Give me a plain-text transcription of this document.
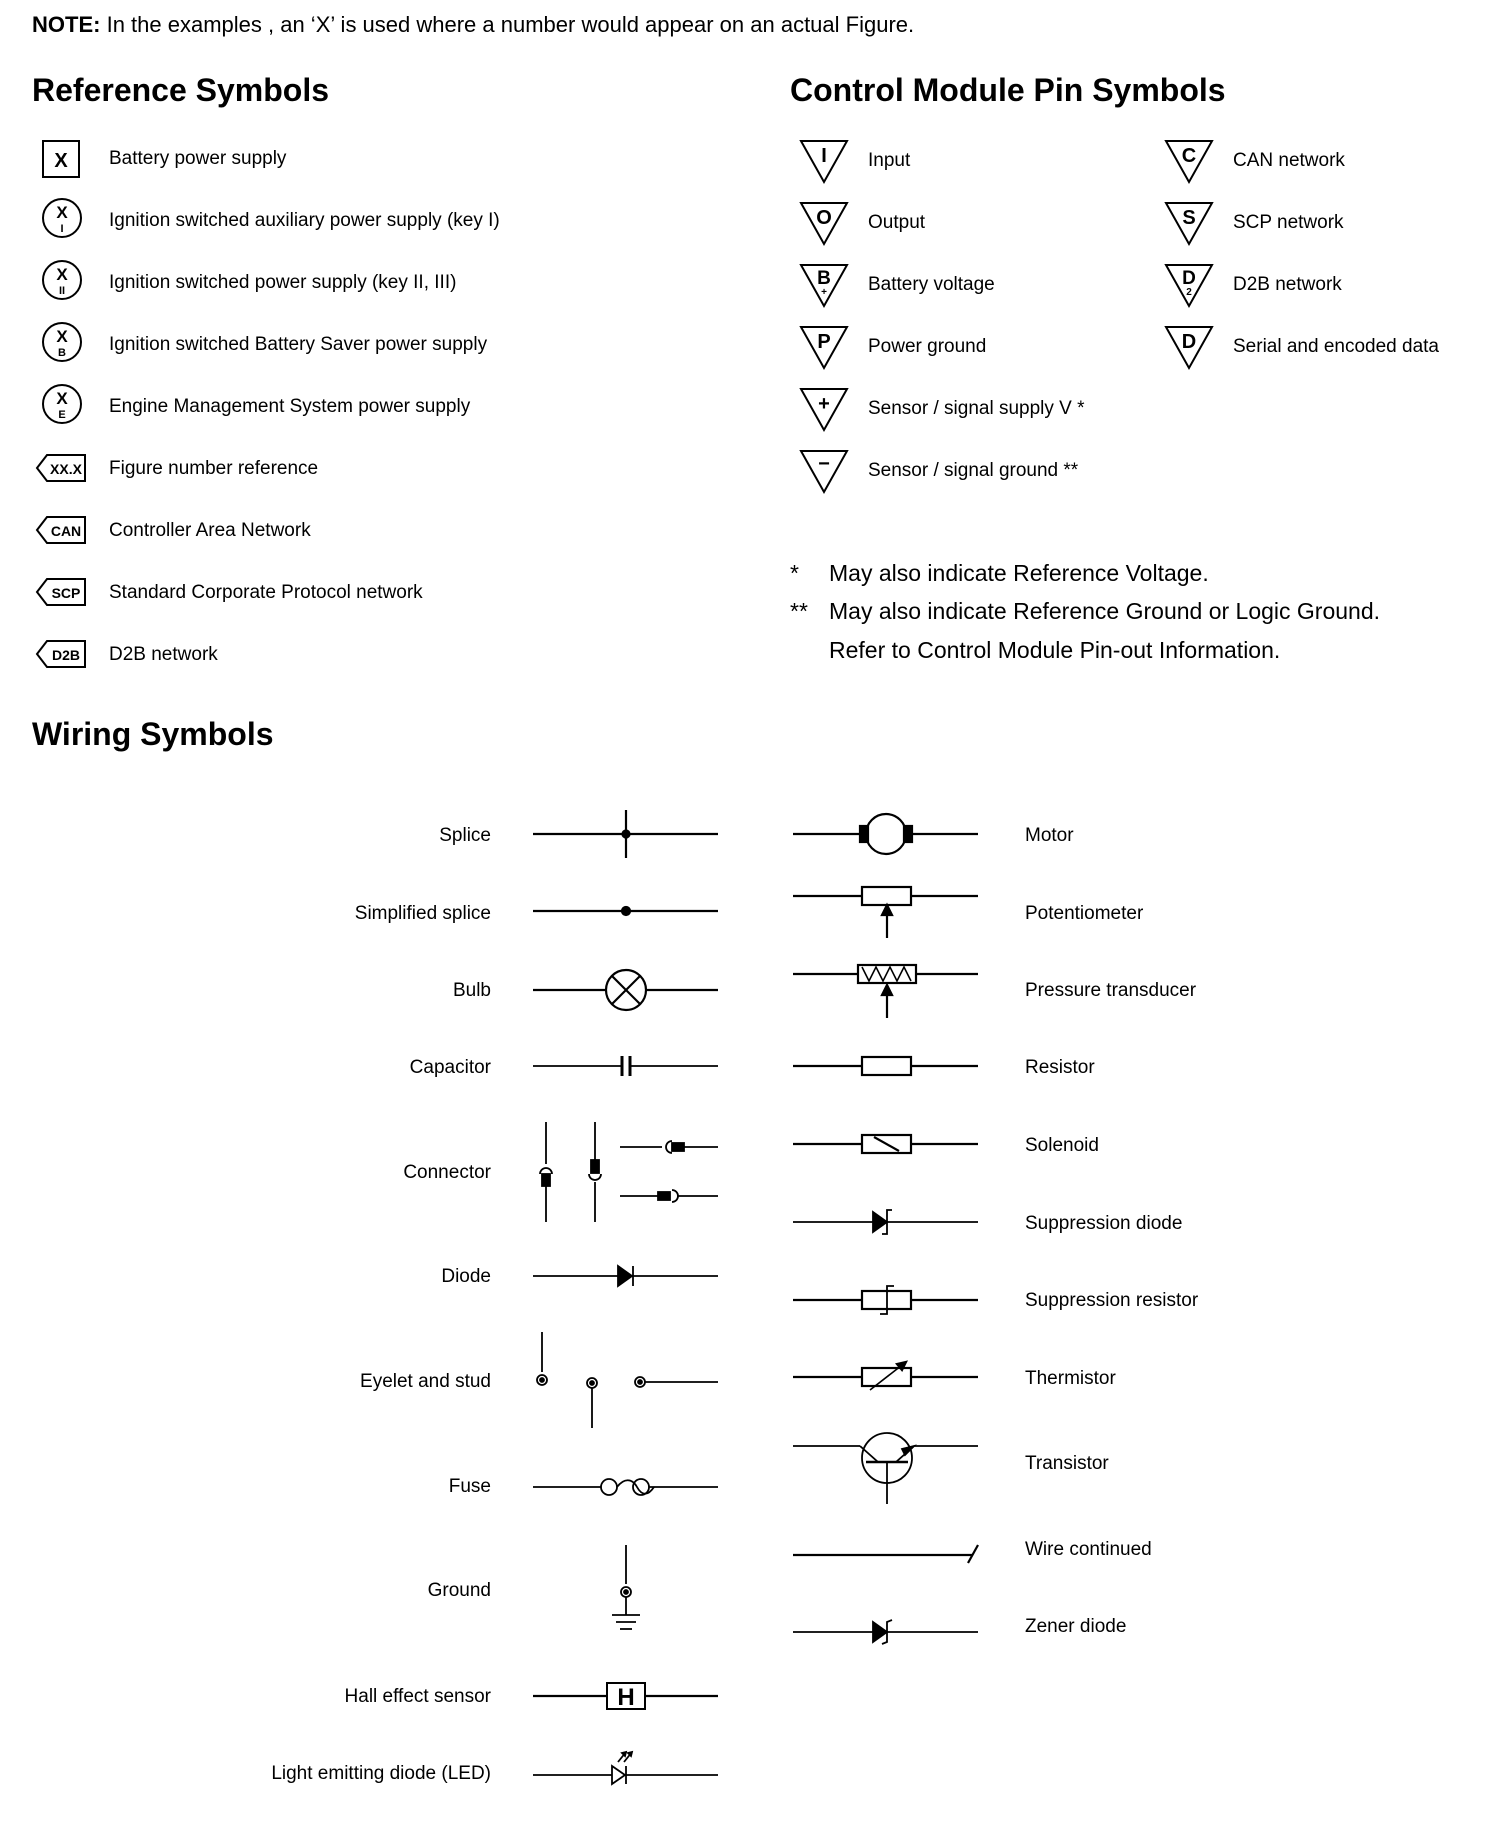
NOTE: In the examples , an ‘X’ is used where a number would appear on an actual Figure.
Reference Symbols
X Battery power supply
X
I Ignition switched auxiliary power supply (key I)
X
II Ignition switched power supply (key II, III)
X
B Ignition switched Battery Saver power supply
X
E Engine Management System power supply
XX.X Figure number reference
CAN Controller Area Network
SCP Standard Corporate Protocol network
D2B D2B network
Control Module Pin Symbols
I Input
O Output
B
+ Battery voltage
P Power ground
+ Sensor / signal supply V *
− Sensor / signal ground **
C CAN network
S SCP network
D
2 D2B network
D Serial and encoded data
* May also indicate Reference Voltage.
** May also indicate Reference Ground or Logic Ground.
Refer to Control Module Pin-out Information.
Wiring Symbols
Splice
Simplified splice
Bulb
Capacitor
Connector
Diode
Eyelet and stud
Fuse
Ground
Hall effect sensor
Light emitting diode (LED)
Motor
Potentiometer
Pressure transducer
Resistor
Solenoid
Suppression diode
Suppression resistor
Thermistor
Transistor
Wire continued
Zener diode
H
